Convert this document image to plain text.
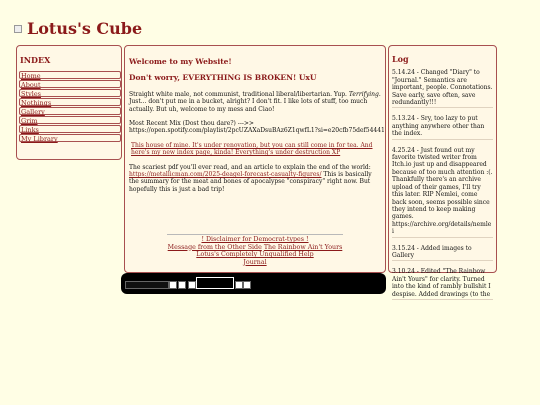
Lotus's Cube
INDEX
Home
About
Styles
Nothings
Gallery
Grim
Links
My Library
Welcome to my Website!
Don't worry, EVERYTHING IS BROKEN! UxU
Straight white male, not communist, traditional liberal/libertarian. Yup. Terrifying. Just... don't put me in a bucket, alright? I don't fit. I like lots of stuff, too much actually. But uh, welcome to my mess and Ciao!
Most Recent Mix (Dost thou dare?) --->>
https://open.spotify.com/playlist/2pcUZAXaDsuBAz6Z1qwfL1?si=e20cfb75def54441
This house of mine. It's under renovation, but you can still come in for tea. And here's my new index page, kinda! Everything's under destruction XP
The scariest pdf you'll ever read, and an article to explain the end of the world: https://metallicman.com/2025-deagel-forecast-casualty-figures/ This is basically the summary for the meat and bones of apocalypse "conspiracy" right now. But hopefully this is just a bad trip!
! Disclaimer for Democrat-types !
Message from the Other Side The Rainbow Ain't Yours
Lotus's Completely Unqualified Help
Journal
Log
5.14.24 - Changed "Diary" to "Journal." Semantics are important, people. Connotations. Save early, save often, save redundantly!!!
5.13.24 - Sry, too lazy to put anything anywhere other than the index.
4.25.24 - Just found out my favorite twisted writer from Itch.io just up and disappeared because of too much attention :(. Thankfully there's an archive upload of their games, I'll try this later. RIP Nemlei, come back soon, seems possible since they intend to keep making games. https://archive.org/details/nemlei
3.15.24 - Added images to Gallery
3.10.24 - Edited "The Rainbow Ain't Yours" for clarity. Turned into the kind of rambly bullshit I despise. Added drawings (to the
